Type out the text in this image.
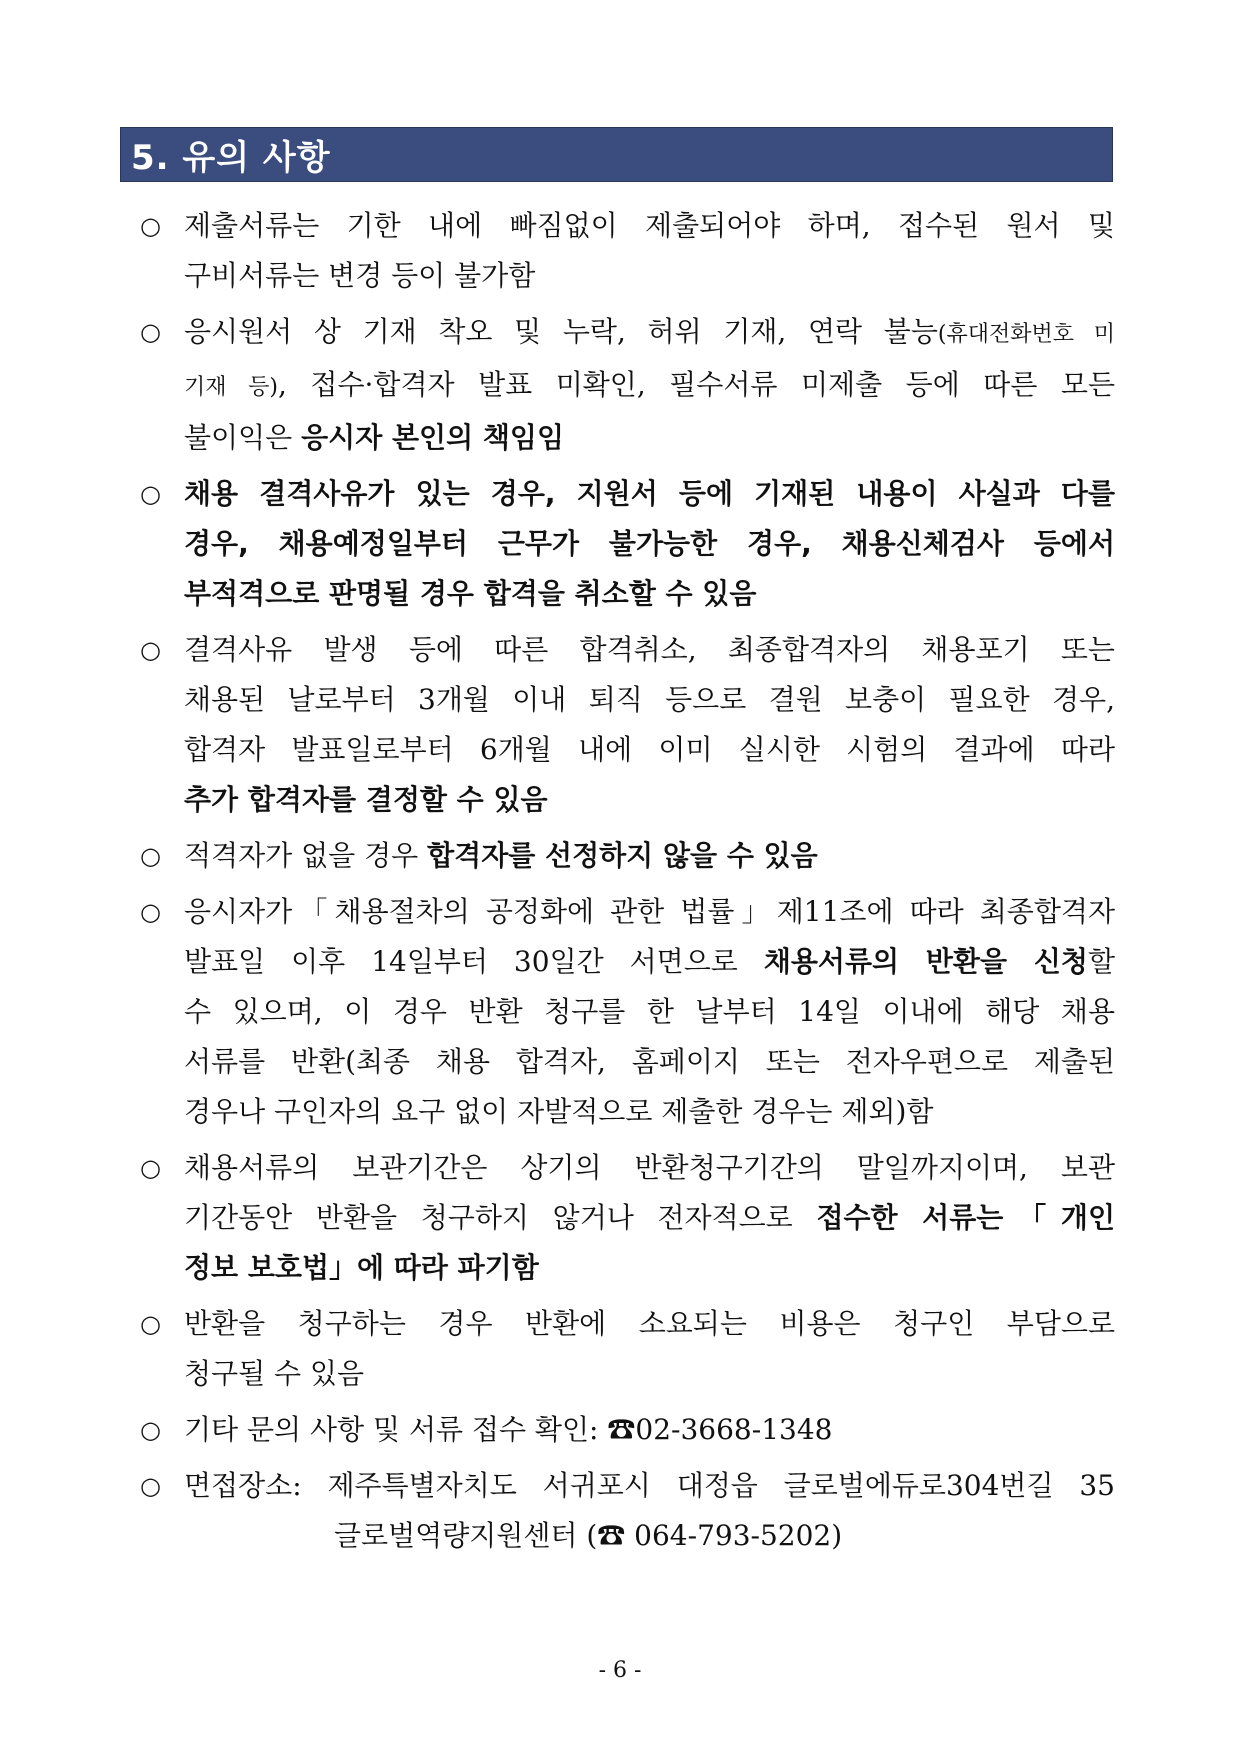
5. 유의 사항
○ 제출서류는 기한 내에 빠짐없이 제출되어야 하며, 접수된 원서 및
구비서류는 변경 등이 불가함
○ 응시원서 상 기재 착오 및 누락, 허위 기재, 연락 불능(휴대전화번호 미
기재 등), 접수·합격자 발표 미확인, 필수서류 미제출 등에 따른 모든
불이익은 응시자 본인의 책임임
○ 채용 결격사유가 있는 경우, 지원서 등에 기재된 내용이 사실과 다를
경우, 채용예정일부터 근무가 불가능한 경우, 채용신체검사 등에서
부적격으로 판명될 경우 합격을 취소할 수 있음
○ 결격사유 발생 등에 따른 합격취소, 최종합격자의 채용포기 또는
채용된 날로부터 3개월 이내 퇴직 등으로 결원 보충이 필요한 경우,
합격자 발표일로부터 6개월 내에 이미 실시한 시험의 결과에 따라
추가 합격자를 결정할 수 있음
○ 적격자가 없을 경우 합격자를 선정하지 않을 수 있음
○ 응시자가「채용절차의 공정화에 관한 법률」제11조에 따라 최종합격자
발표일 이후 14일부터 30일간 서면으로 채용서류의 반환을 신청할
수 있으며, 이 경우 반환 청구를 한 날부터 14일 이내에 해당 채용
서류를 반환(최종 채용 합격자, 홈페이지 또는 전자우편으로 제출된
경우나 구인자의 요구 없이 자발적으로 제출한 경우는 제외)함
○ 채용서류의 보관기간은 상기의 반환청구기간의 말일까지이며, 보관
기간동안 반환을 청구하지 않거나 전자적으로 접수한 서류는「개인
정보 보호법」에 따라 파기함
○ 반환을 청구하는 경우 반환에 소요되는 비용은 청구인 부담으로
청구될 수 있음
○ 기타 문의 사항 및 서류 접수 확인: ☎02-3668-1348
○ 면접장소: 제주특별자치도 서귀포시 대정읍 글로벌에듀로304번길 35
글로벌역량지원센터 (☎ 064-793-5202)
- 6 -
